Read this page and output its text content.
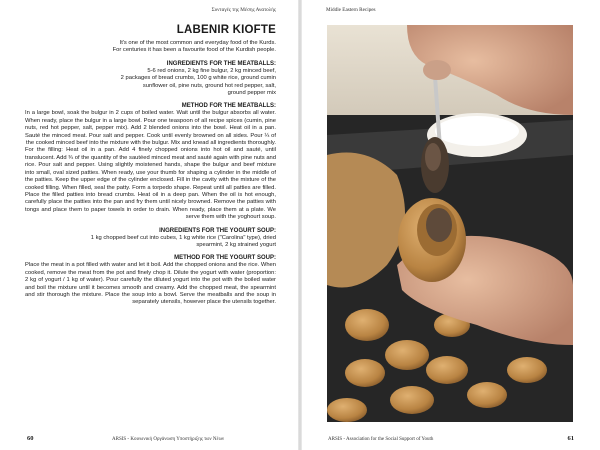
Συνταγές της Μέσης Ανατολής
LABENIR KIOFTE
It's one of the most common and everyday food of the Kurds.
For centuries it has been a favourite food of the Kurdish people.
INGREDIENTS FOR THE MEATBALLS:
5-6 red onions, 2 kg fine bulgur, 2 kg minced beef,
2 packages of bread crumbs, 100 g white rice, ground cumin
sunflower oil, pine nuts, ground hot red pepper, salt,
ground pepper mix
METHOD FOR THE MEATBALLS:

In a large bowl, soak the bulgur in 2 cups of boiled water. Wait until the bulgur absorbs all water. When ready, place the bulgur in a large bowl. Pour one teaspoon of all recipe spices (cumin, pine nuts, red hot pepper, salt, pepper mix). Add 2 blended onions into the bowl. Heat oil in a pan. Sauté the minced meat. Pour salt and pepper. Cook until evenly browned on all sides. Pour ¼ of the cooked minced beef into the mixture with the bulgur. Mix and knead all ingredients thoroughly.

For the filling: Heat oil in a pan. Add 4 finely chopped onions into hot oil and sauté, until translucent. Add ¾ of the quantity of the sautéed minced meat and sauté again with pine nuts and rice. Pour salt and pepper. Using slightly moistened hands, shape the bulgur and beef mixture into small, oval sized patties. When ready, use your thumb for shaping a cylinder in the middle of the patties. Keep the upper edge of the cylinder enclosed. Fill in the cavity with the mixture of the cooked filling. When filled, seal the patty. Form a torpedo shape. Repeat until all patties are filled. Place the filled patties into bread crumbs. Heat oil in a deep pan. When the oil is hot enough, carefully place the patties into the pan and fry them until nicely browned. Remove the patties with tongs and place them to paper towels in order to drain. When ready, place them at a plate. We serve them with the yoghourt soup.

INGREDIENTS FOR THE YOGURT SOUP:
1 kg chopped beef cut into cubes, 1 kg white rice ("Carolina" type), dried
spearmint, 2 kg strained yogurt
METHOD FOR THE YOGURT SOUP:

Place the meat in a pot filled with water and let it boil. Add the chopped onions and the rice. When cooked, remove the meat from the pot and finely chop it. Dilute the yogurt with water (proportion: 2 kg of yogurt / 1 kg of water). Pour carefully the diluted yogurt into the pot with the boiled water and boil the mixture until it becomes smooth and creamy. Add the chopped meat, the spearmint and stir thorough the mixture. Place the soup into a bowl. Serve the meatballs and the soup in separately utensils, however place the utensils together.

60	ARSIS - Κοινωνική Οργάνωση Υποστήριξης των Νέων
Middle Eastern Recipes
ARSIS - Association for the Social Support of Youth	61
